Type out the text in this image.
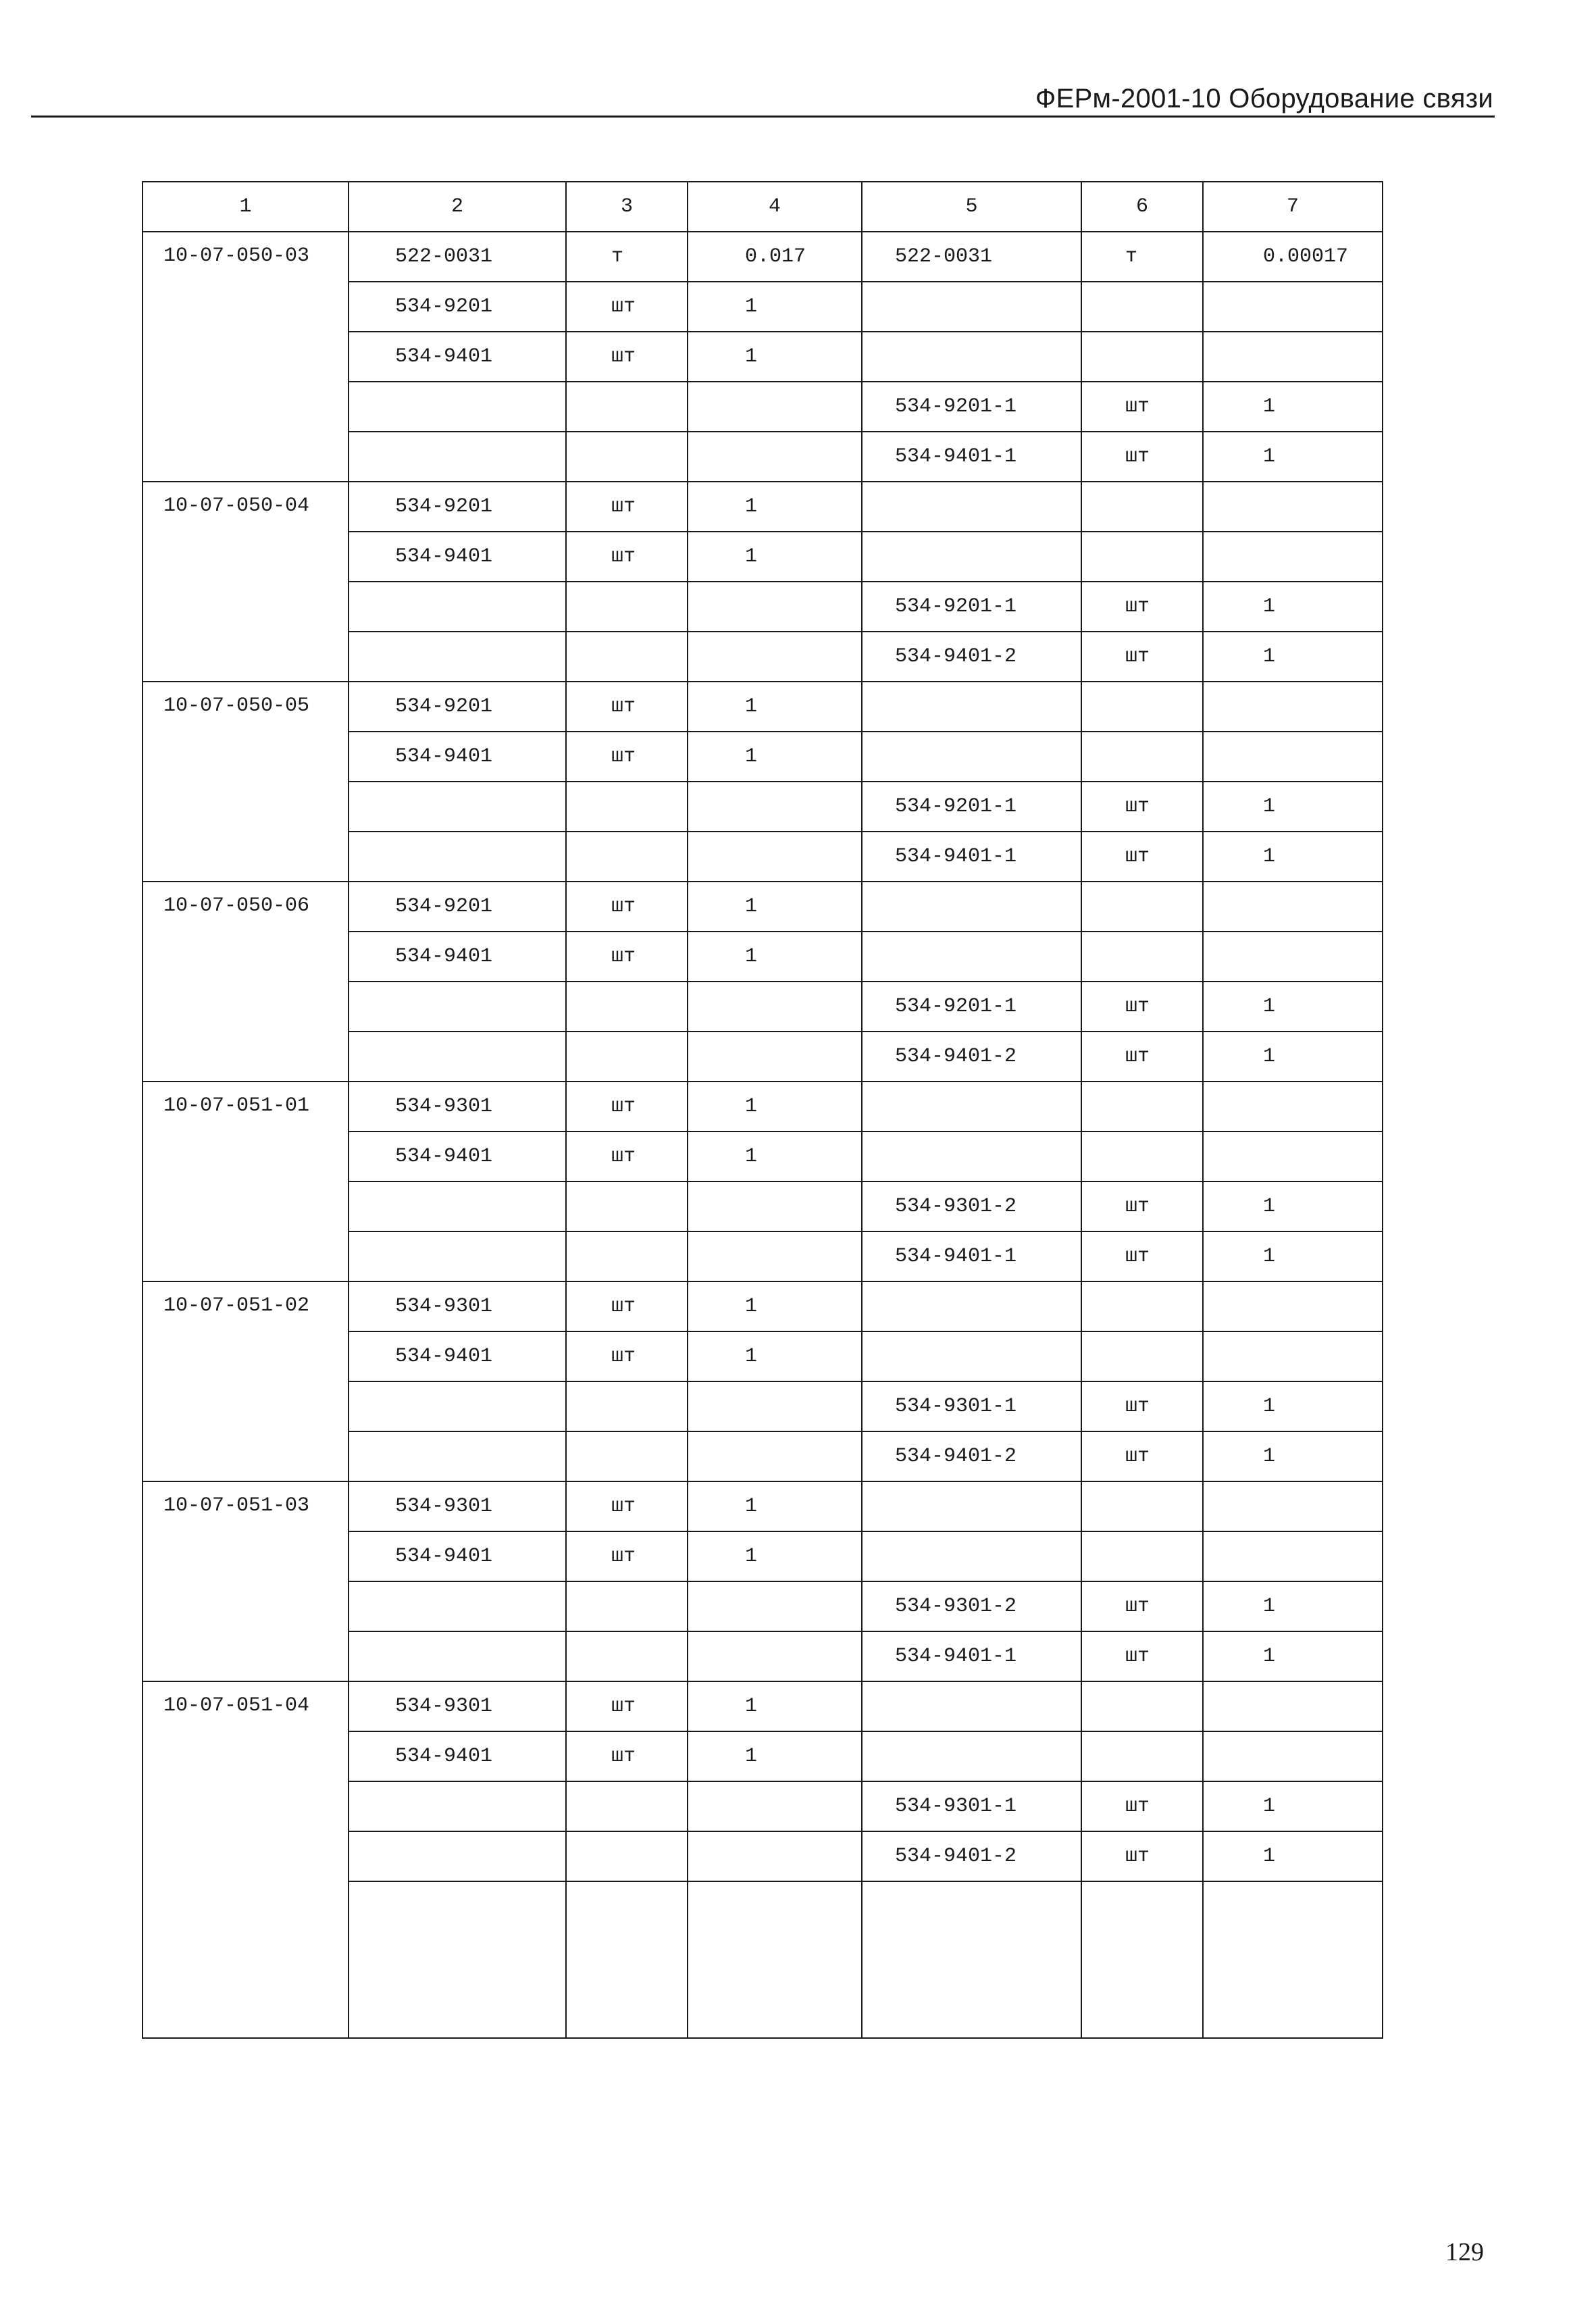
ФЕРм-2001-10 Оборудование связи
1	2	3	4	5	6	7
10-07-050-03	522-0031	т	0.017	522-0031	т	0.00017
	534-9201	шт	1			
	534-9401	шт	1			
				534-9201-1	шт	1
				534-9401-1	шт	1
10-07-050-04	534-9201	шт	1			
	534-9401	шт	1			
				534-9201-1	шт	1
				534-9401-2	шт	1
10-07-050-05	534-9201	шт	1			
	534-9401	шт	1			
				534-9201-1	шт	1
				534-9401-1	шт	1
10-07-050-06	534-9201	шт	1			
	534-9401	шт	1			
				534-9201-1	шт	1
				534-9401-2	шт	1
10-07-051-01	534-9301	шт	1			
	534-9401	шт	1			
				534-9301-2	шт	1
				534-9401-1	шт	1
10-07-051-02	534-9301	шт	1			
	534-9401	шт	1			
				534-9301-1	шт	1
				534-9401-2	шт	1
10-07-051-03	534-9301	шт	1			
	534-9401	шт	1			
				534-9301-2	шт	1
				534-9401-1	шт	1
10-07-051-04	534-9301	шт	1			
	534-9401	шт	1			
				534-9301-1	шт	1
				534-9401-2	шт	1

129
